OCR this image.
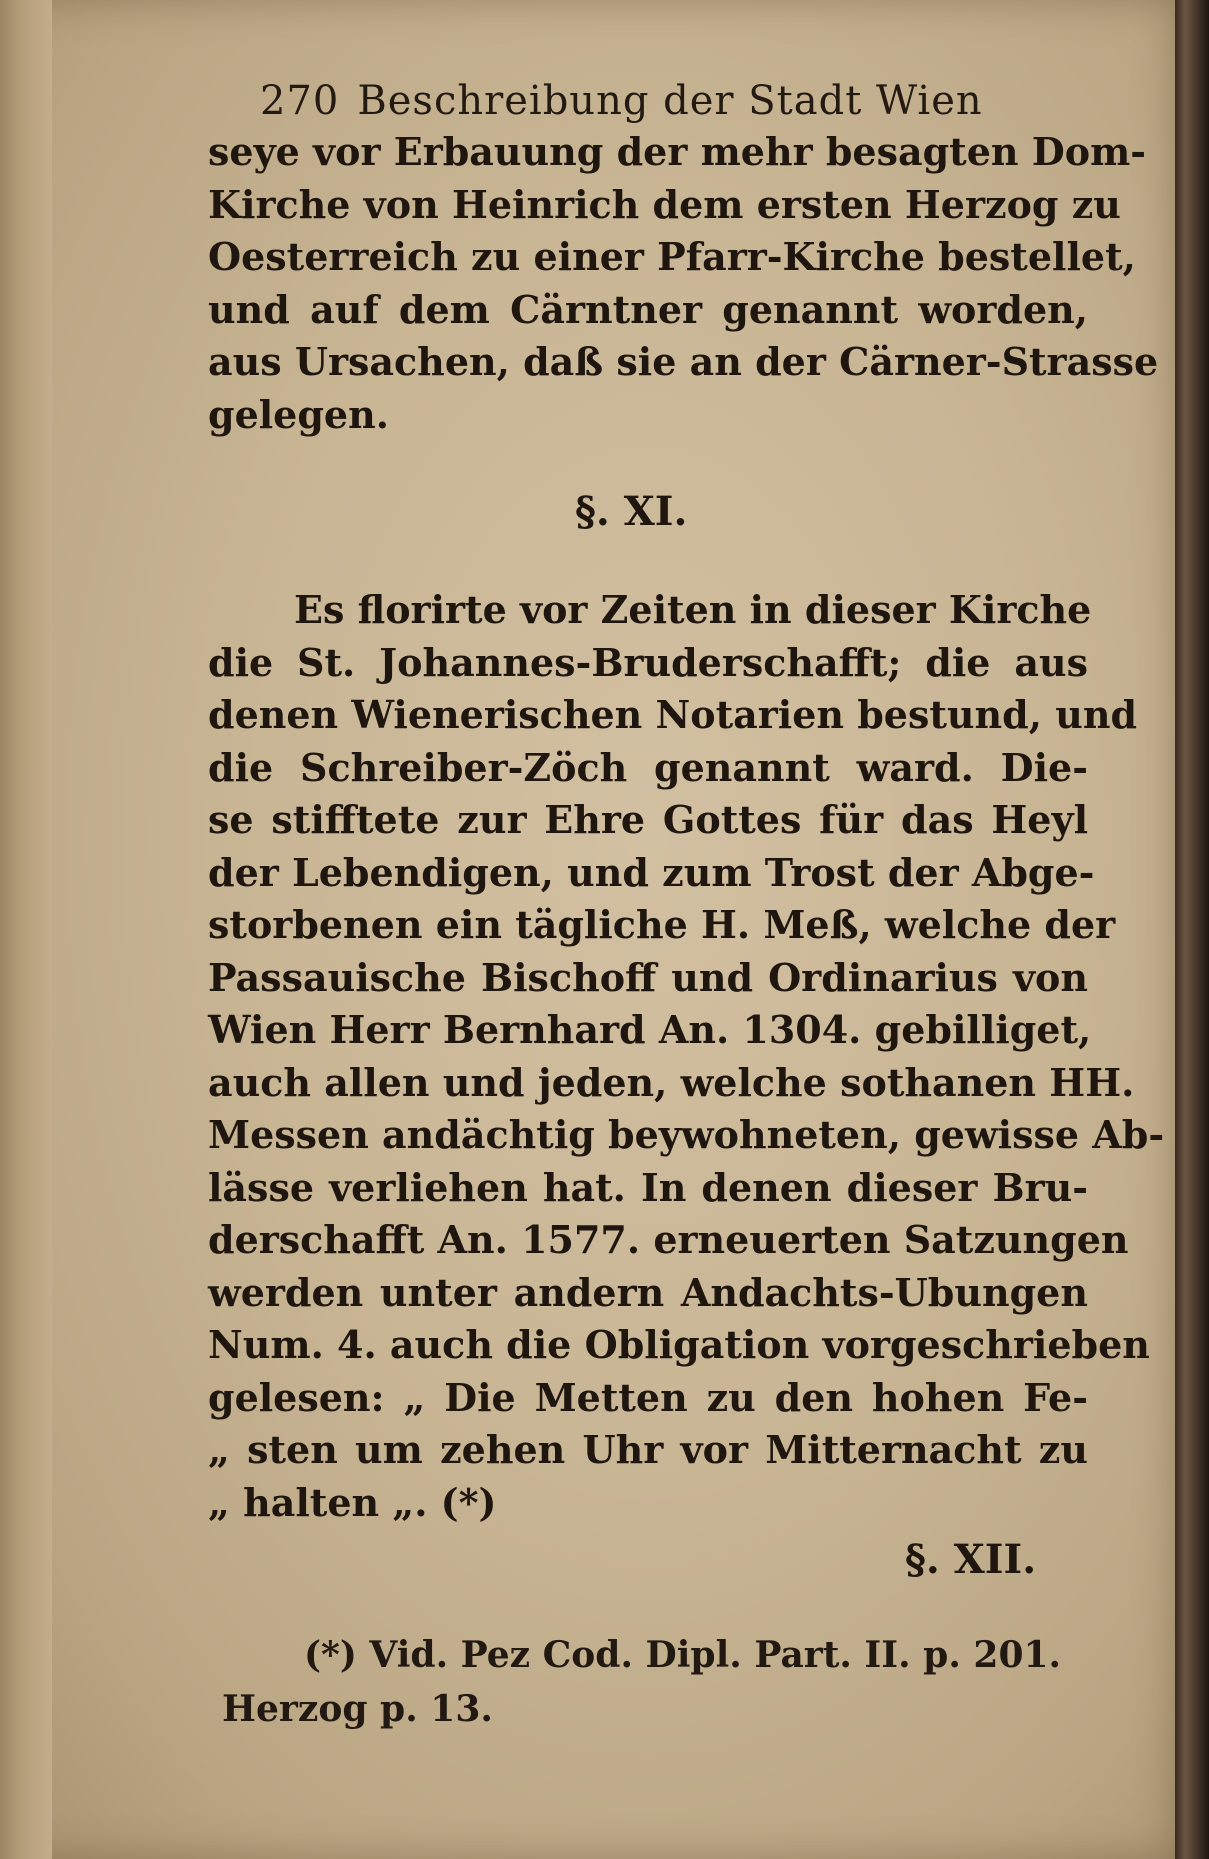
270 Beschreibung der Stadt Wien
seye vor Erbauung der mehr besagten Dom-
Kirche von Heinrich dem ersten Herzog zu
Oesterreich zu einer Pfarr-Kirche bestellet,
und auf dem Cärntner genannt worden,
aus Ursachen, daß sie an der Cärner-Strasse
gelegen.
§. XI.
Es florirte vor Zeiten in dieser Kirche
die St. Johannes-Bruderschafft; die aus
denen Wienerischen Notarien bestund, und
die Schreiber-Zöch genannt ward. Die-
se stifftete zur Ehre Gottes für das Heyl
der Lebendigen, und zum Trost der Abge-
storbenen ein tägliche H. Meß, welche der
Passauische Bischoff und Ordinarius von
Wien Herr Bernhard An. 1304. gebilliget,
auch allen und jeden, welche sothanen HH.
Messen andächtig beywohneten, gewisse Ab-
lässe verliehen hat. In denen dieser Bru-
derschafft An. 1577. erneuerten Satzungen
werden unter andern Andachts-Ubungen
Num. 4. auch die Obligation vorgeschrieben
gelesen: „ Die Metten zu den hohen Fe-
„ sten um zehen Uhr vor Mitternacht zu
„ halten „. (*)
§. XII.
(*) Vid. Pez Cod. Dipl. Part. II. p. 201.
Herzog p. 13.
